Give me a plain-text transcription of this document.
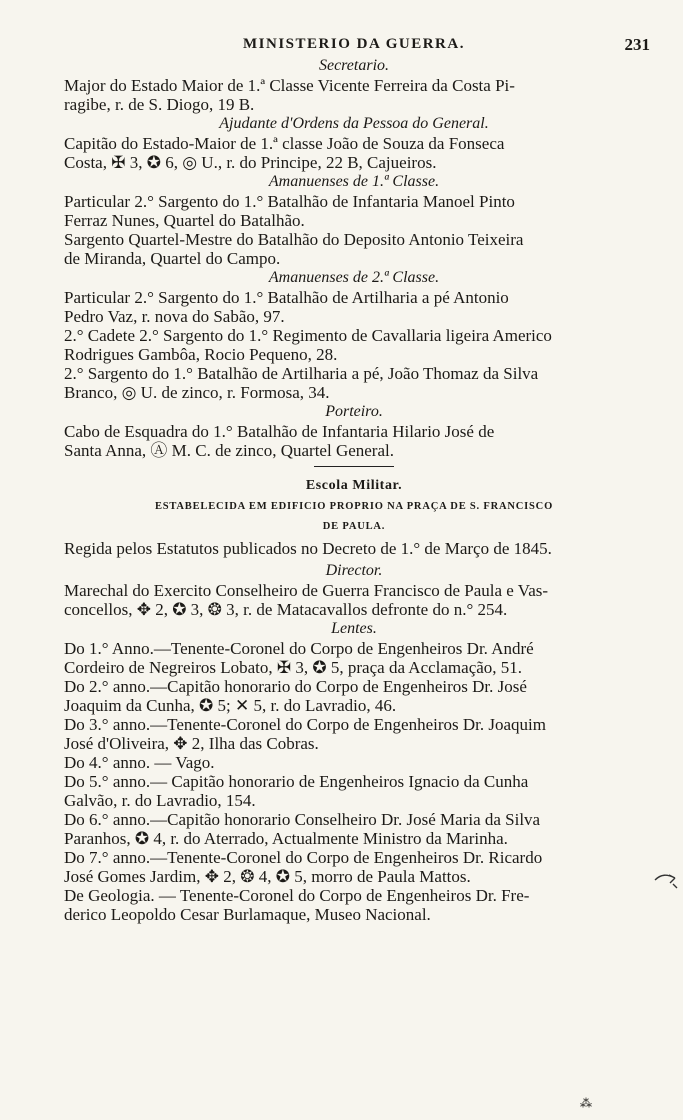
MINISTERIO DA GUERRA.	231

Secretario.

Major do Estado Maior de 1.ª Classe Vicente Ferreira da Costa Pi-
ragibe, r. de S. Diogo, 19 B.

Ajudante d'Ordens da Pessoa do General.

Capitão do Estado-Maior de 1.ª classe João de Souza da Fonseca
Costa, ✠ 3, ✪ 6, ◎ U., r. do Principe, 22 B, Cajueiros.

Amanuenses de 1.ª Classe.

Particular 2.° Sargento do 1.° Batalhão de Infantaria Manoel Pinto
Ferraz Nunes, Quartel do Batalhão.

Sargento Quartel-Mestre do Batalhão do Deposito Antonio Teixeira
de Miranda, Quartel do Campo.

Amanuenses de 2.ª Classe.

Particular 2.° Sargento do 1.° Batalhão de Artilharia a pé Antonio
Pedro Vaz, r. nova do Sabão, 97.

2.° Cadete 2.° Sargento do 1.° Regimento de Cavallaria ligeira Americo
Rodrigues Gambôa, Rocio Pequeno, 28.

2.° Sargento do 1.° Batalhão de Artilharia a pé, João Thomaz da Silva
Branco, ◎ U. de zinco, r. Formosa, 34.

Porteiro.

Cabo de Esquadra do 1.° Batalhão de Infantaria Hilario José de
Santa Anna, Ⓐ M. C. de zinco, Quartel General.

Escola Militar.

ESTABELECIDA EM EDIFICIO PROPRIO NA PRAÇA DE S. FRANCISCO

DE PAULA.

Regida pelos Estatutos publicados no Decreto de 1.° de Março de 1845.

Director.

Marechal do Exercito Conselheiro de Guerra Francisco de Paula e Vas-
concellos, ✥ 2, ✪ 3, ❂ 3, r. de Matacavallos defronte do n.° 254.

Lentes.

Do 1.° Anno.—Tenente-Coronel do Corpo de Engenheiros Dr. André
Cordeiro de Negreiros Lobato, ✠ 3, ✪ 5, praça da Acclamação, 51.

Do 2.° anno.—Capitão honorario do Corpo de Engenheiros Dr. José
Joaquim da Cunha, ✪ 5; ✕ 5, r. do Lavradio, 46.

Do 3.° anno.—Tenente-Coronel do Corpo de Engenheiros Dr. Joaquim
José d'Oliveira, ✥ 2, Ilha das Cobras.

Do 4.° anno. — Vago.

Do 5.° anno.— Capitão honorario de Engenheiros Ignacio da Cunha
Galvão, r. do Lavradio, 154.

Do 6.° anno.—Capitão honorario Conselheiro Dr. José Maria da Silva
Paranhos, ✪ 4, r. do Aterrado, Actualmente Ministro da Marinha.

Do 7.° anno.—Tenente-Coronel do Corpo de Engenheiros Dr. Ricardo
José Gomes Jardim, ✥ 2, ❂ 4, ✪ 5, morro de Paula Mattos.

De Geologia. — Tenente-Coronel do Corpo de Engenheiros Dr. Fre-
derico Leopoldo Cesar Burlamaque, Museo Nacional.

⁂
